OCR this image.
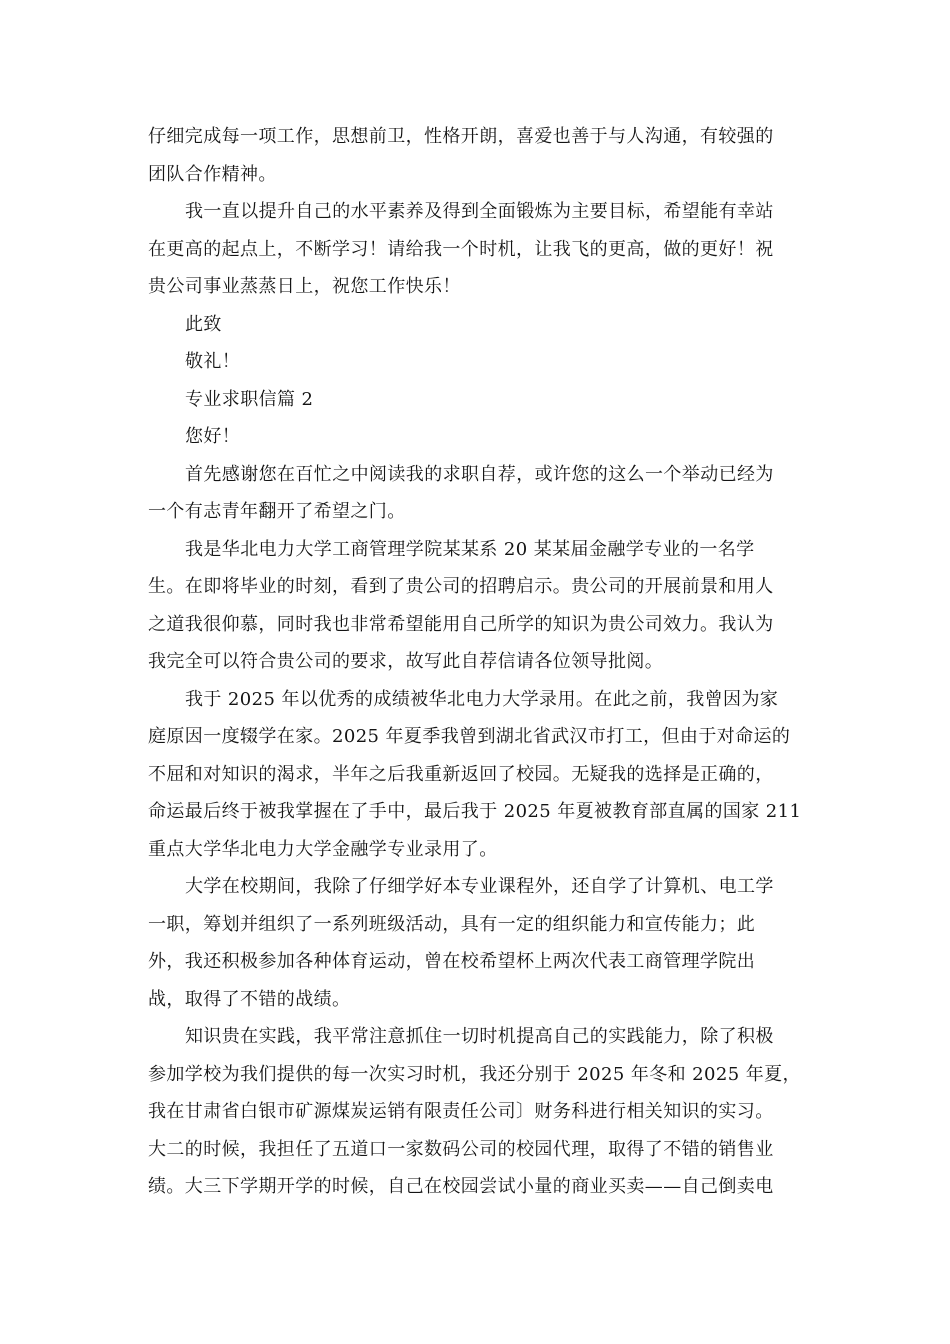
仔细完成每一项工作，思想前卫，性格开朗，喜爱也善于与人沟通，有较强的
团队合作精神。
我一直以提升自己的水平素养及得到全面锻炼为主要目标，希望能有幸站
在更高的起点上，不断学习！请给我一个时机，让我飞的更高，做的更好！祝
贵公司事业蒸蒸日上，祝您工作快乐！
此致
敬礼！
专业求职信篇 2
您好！
首先感谢您在百忙之中阅读我的求职自荐，或许您的这么一个举动已经为
一个有志青年翻开了希望之门。
我是华北电力大学工商管理学院某某系 20 某某届金融学专业的一名学
生。在即将毕业的时刻，看到了贵公司的招聘启示。贵公司的开展前景和用人
之道我很仰慕，同时我也非常希望能用自己所学的知识为贵公司效力。我认为
我完全可以符合贵公司的要求，故写此自荐信请各位领导批阅。
我于 2025 年以优秀的成绩被华北电力大学录用。在此之前，我曾因为家
庭原因一度辍学在家。2025 年夏季我曾到湖北省武汉市打工，但由于对命运的
不屈和对知识的渴求，半年之后我重新返回了校园。无疑我的选择是正确的，
命运最后终于被我掌握在了手中，最后我于 2025 年夏被教育部直属的国家 211
重点大学华北电力大学金融学专业录用了。
大学在校期间，我除了仔细学好本专业课程外，还自学了计算机、电工学
一职，筹划并组织了一系列班级活动，具有一定的组织能力和宣传能力；此
外，我还积极参加各种体育运动，曾在校希望杯上两次代表工商管理学院出
战，取得了不错的战绩。
知识贵在实践，我平常注意抓住一切时机提高自己的实践能力，除了积极
参加学校为我们提供的每一次实习时机，我还分别于 2025 年冬和 2025 年夏，
我在甘肃省白银市矿源煤炭运销有限责任公司〕财务科进行相关知识的实习。
大二的时候，我担任了五道口一家数码公司的校园代理，取得了不错的销售业
绩。大三下学期开学的时候，自己在校园尝试小量的商业买卖——自己倒卖电
